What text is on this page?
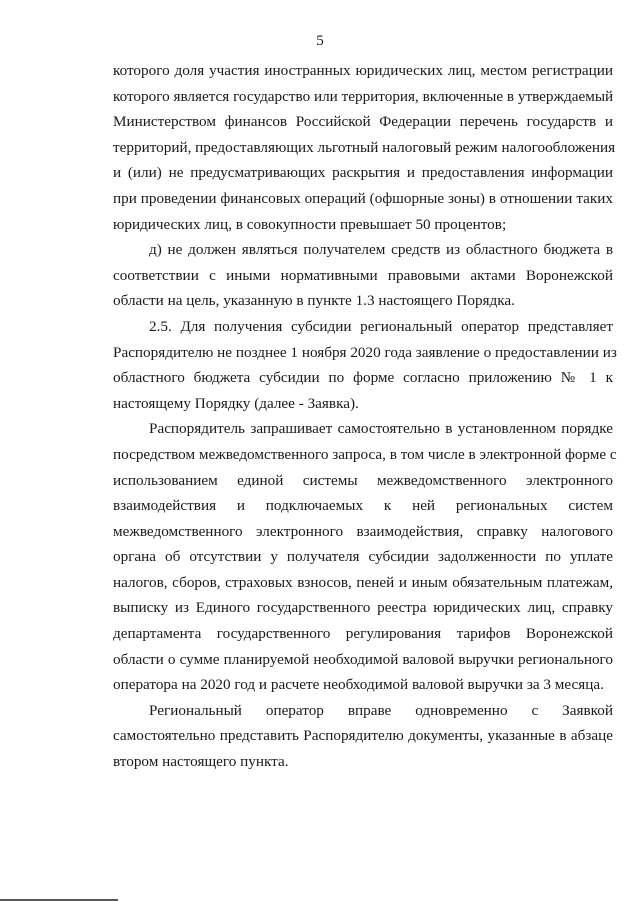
5
которого доля участия иностранных юридических лиц, местом регистрации
которого является государство или территория, включенные в утверждаемый
Министерством финансов Российской Федерации перечень государств и
территорий, предоставляющих льготный налоговый режим налогообложения
и (или) не предусматривающих раскрытия и предоставления информации
при проведении финансовых операций (офшорные зоны) в отношении таких
юридических лиц, в совокупности превышает 50 процентов;
д) не должен являться получателем средств из областного бюджета в
соответствии с иными нормативными правовыми актами Воронежской
области на цель, указанную в пункте 1.3 настоящего Порядка.
2.5. Для получения субсидии региональный оператор представляет
Распорядителю не позднее 1 ноября 2020 года заявление о предоставлении из
областного бюджета субсидии по форме согласно приложению № 1 к
настоящему Порядку (далее - Заявка).
Распорядитель запрашивает самостоятельно в установленном порядке
посредством межведомственного запроса, в том числе в электронной форме с
использованием единой системы межведомственного электронного
взаимодействия и подключаемых к ней региональных систем
межведомственного электронного взаимодействия, справку налогового
органа об отсутствии у получателя субсидии задолженности по уплате
налогов, сборов, страховых взносов, пеней и иным обязательным платежам,
выписку из Единого государственного реестра юридических лиц, справку
департамента государственного регулирования тарифов Воронежской
области о сумме планируемой необходимой валовой выручки регионального
оператора на 2020 год и расчете необходимой валовой выручки за 3 месяца.
Региональный оператор вправе одновременно с Заявкой
самостоятельно представить Распорядителю документы, указанные в абзаце
втором настоящего пункта.
